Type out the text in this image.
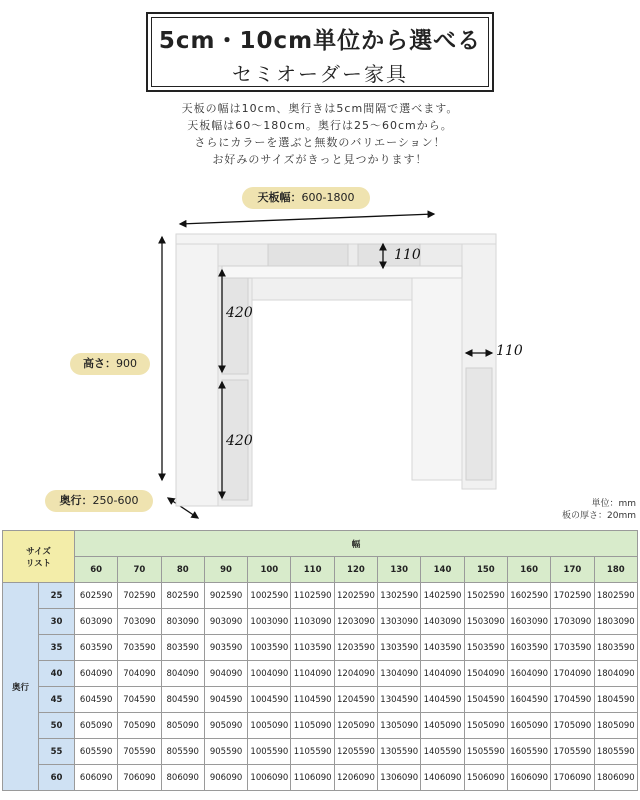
5cm・10cm単位から選べる
セミオーダー家具
天板の幅は10cm、奥行きは5cm間隔で選べます。
天板幅は60～180cm。奥行は25～60cmから。
さらにカラーを選ぶと無数のバリエーション！
お好みのサイズがきっと見つかります！
天板幅：600-1800
高さ：900
奥行：250-600
110
110
420
420
単位：mm
板の厚さ：20mm
サイズ
リスト		幅												
		60	70	80	90	100	110	120	130	140	150	160	170	180
奥行	25	602590	702590	802590	902590	1002590	1102590	1202590	1302590	1402590	1502590	1602590	1702590	1802590
	30	603090	703090	803090	903090	1003090	1103090	1203090	1303090	1403090	1503090	1603090	1703090	1803090
	35	603590	703590	803590	903590	1003590	1103590	1203590	1303590	1403590	1503590	1603590	1703590	1803590
	40	604090	704090	804090	904090	1004090	1104090	1204090	1304090	1404090	1504090	1604090	1704090	1804090
	45	604590	704590	804590	904590	1004590	1104590	1204590	1304590	1404590	1504590	1604590	1704590	1804590
	50	605090	705090	805090	905090	1005090	1105090	1205090	1305090	1405090	1505090	1605090	1705090	1805090
	55	605590	705590	805590	905590	1005590	1105590	1205590	1305590	1405590	1505590	1605590	1705590	1805590
	60	606090	706090	806090	906090	1006090	1106090	1206090	1306090	1406090	1506090	1606090	1706090	1806090
